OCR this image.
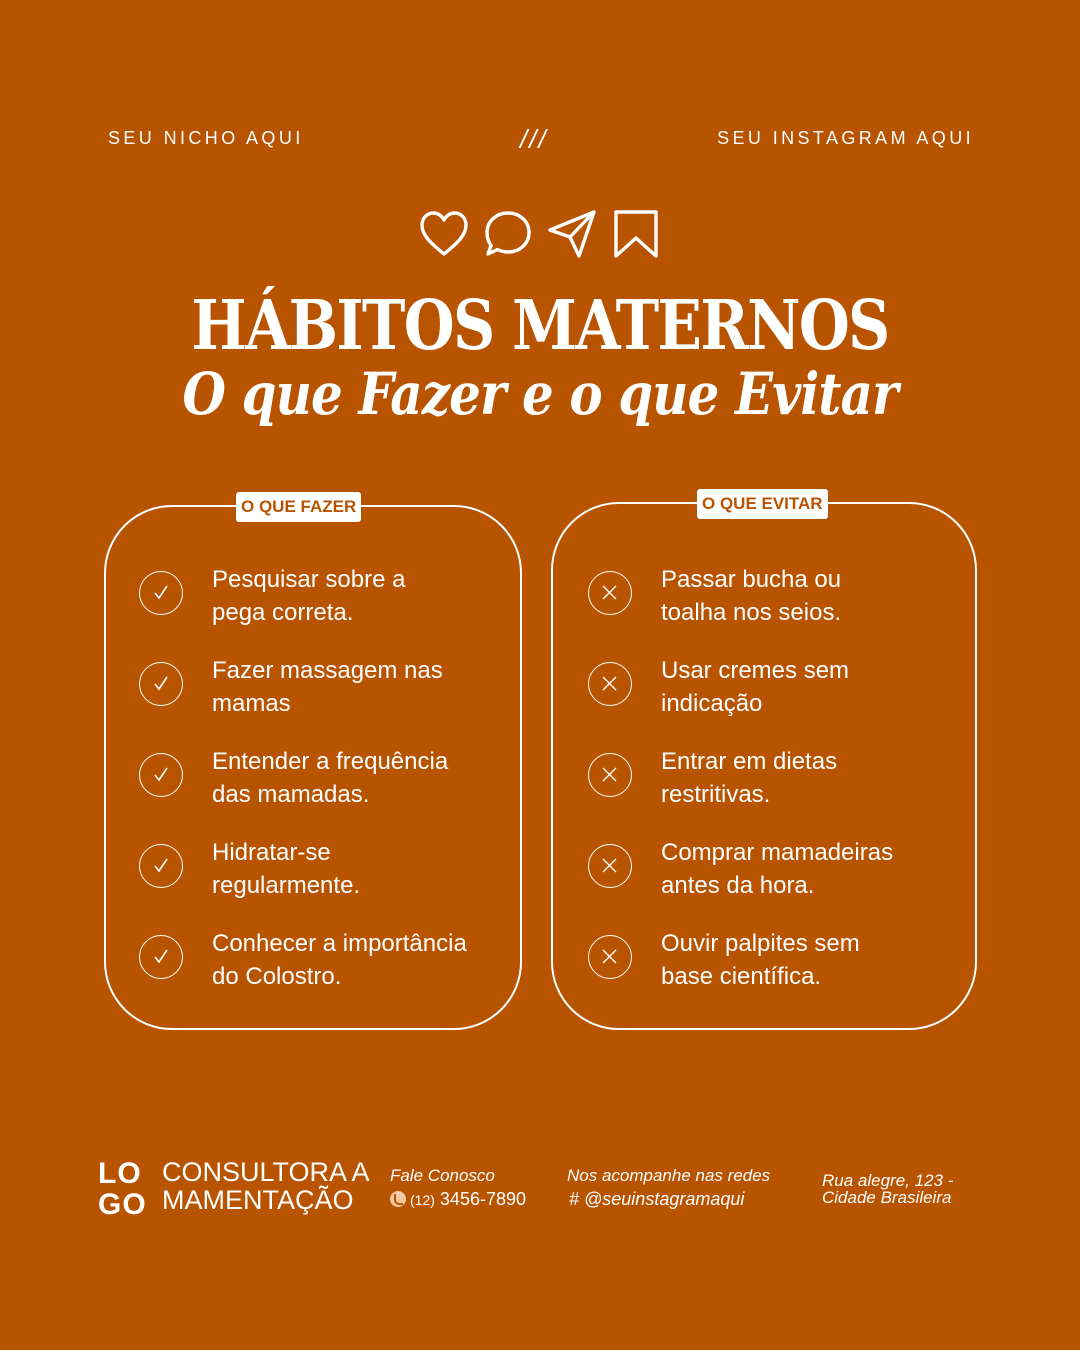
SEU NICHO AQUI	///	SEU INSTAGRAM AQUI
HÁBITOS MATERNOS
O que Fazer e o que Evitar
O QUE FAZER
Pesquisar sobre a
pega correta.
Fazer massagem nas
mamas
Entender a frequência
das mamadas.
Hidratar-se
regularmente.
Conhecer a importância
do Colostro.
O QUE EVITAR
Passar bucha ou
toalha nos seios.
Usar cremes sem
indicação
Entrar em dietas
restritivas.
Comprar mamadeiras
antes da hora.
Ouvir palpites sem
base científica.
LO
GO
CONSULTORA AMAMENTAÇÃO
Fale Conosco
(12) 3456-7890
Nos acompanhe nas redes
# @seuinstagramaqui
Rua alegre, 123 - Cidade Brasileira
